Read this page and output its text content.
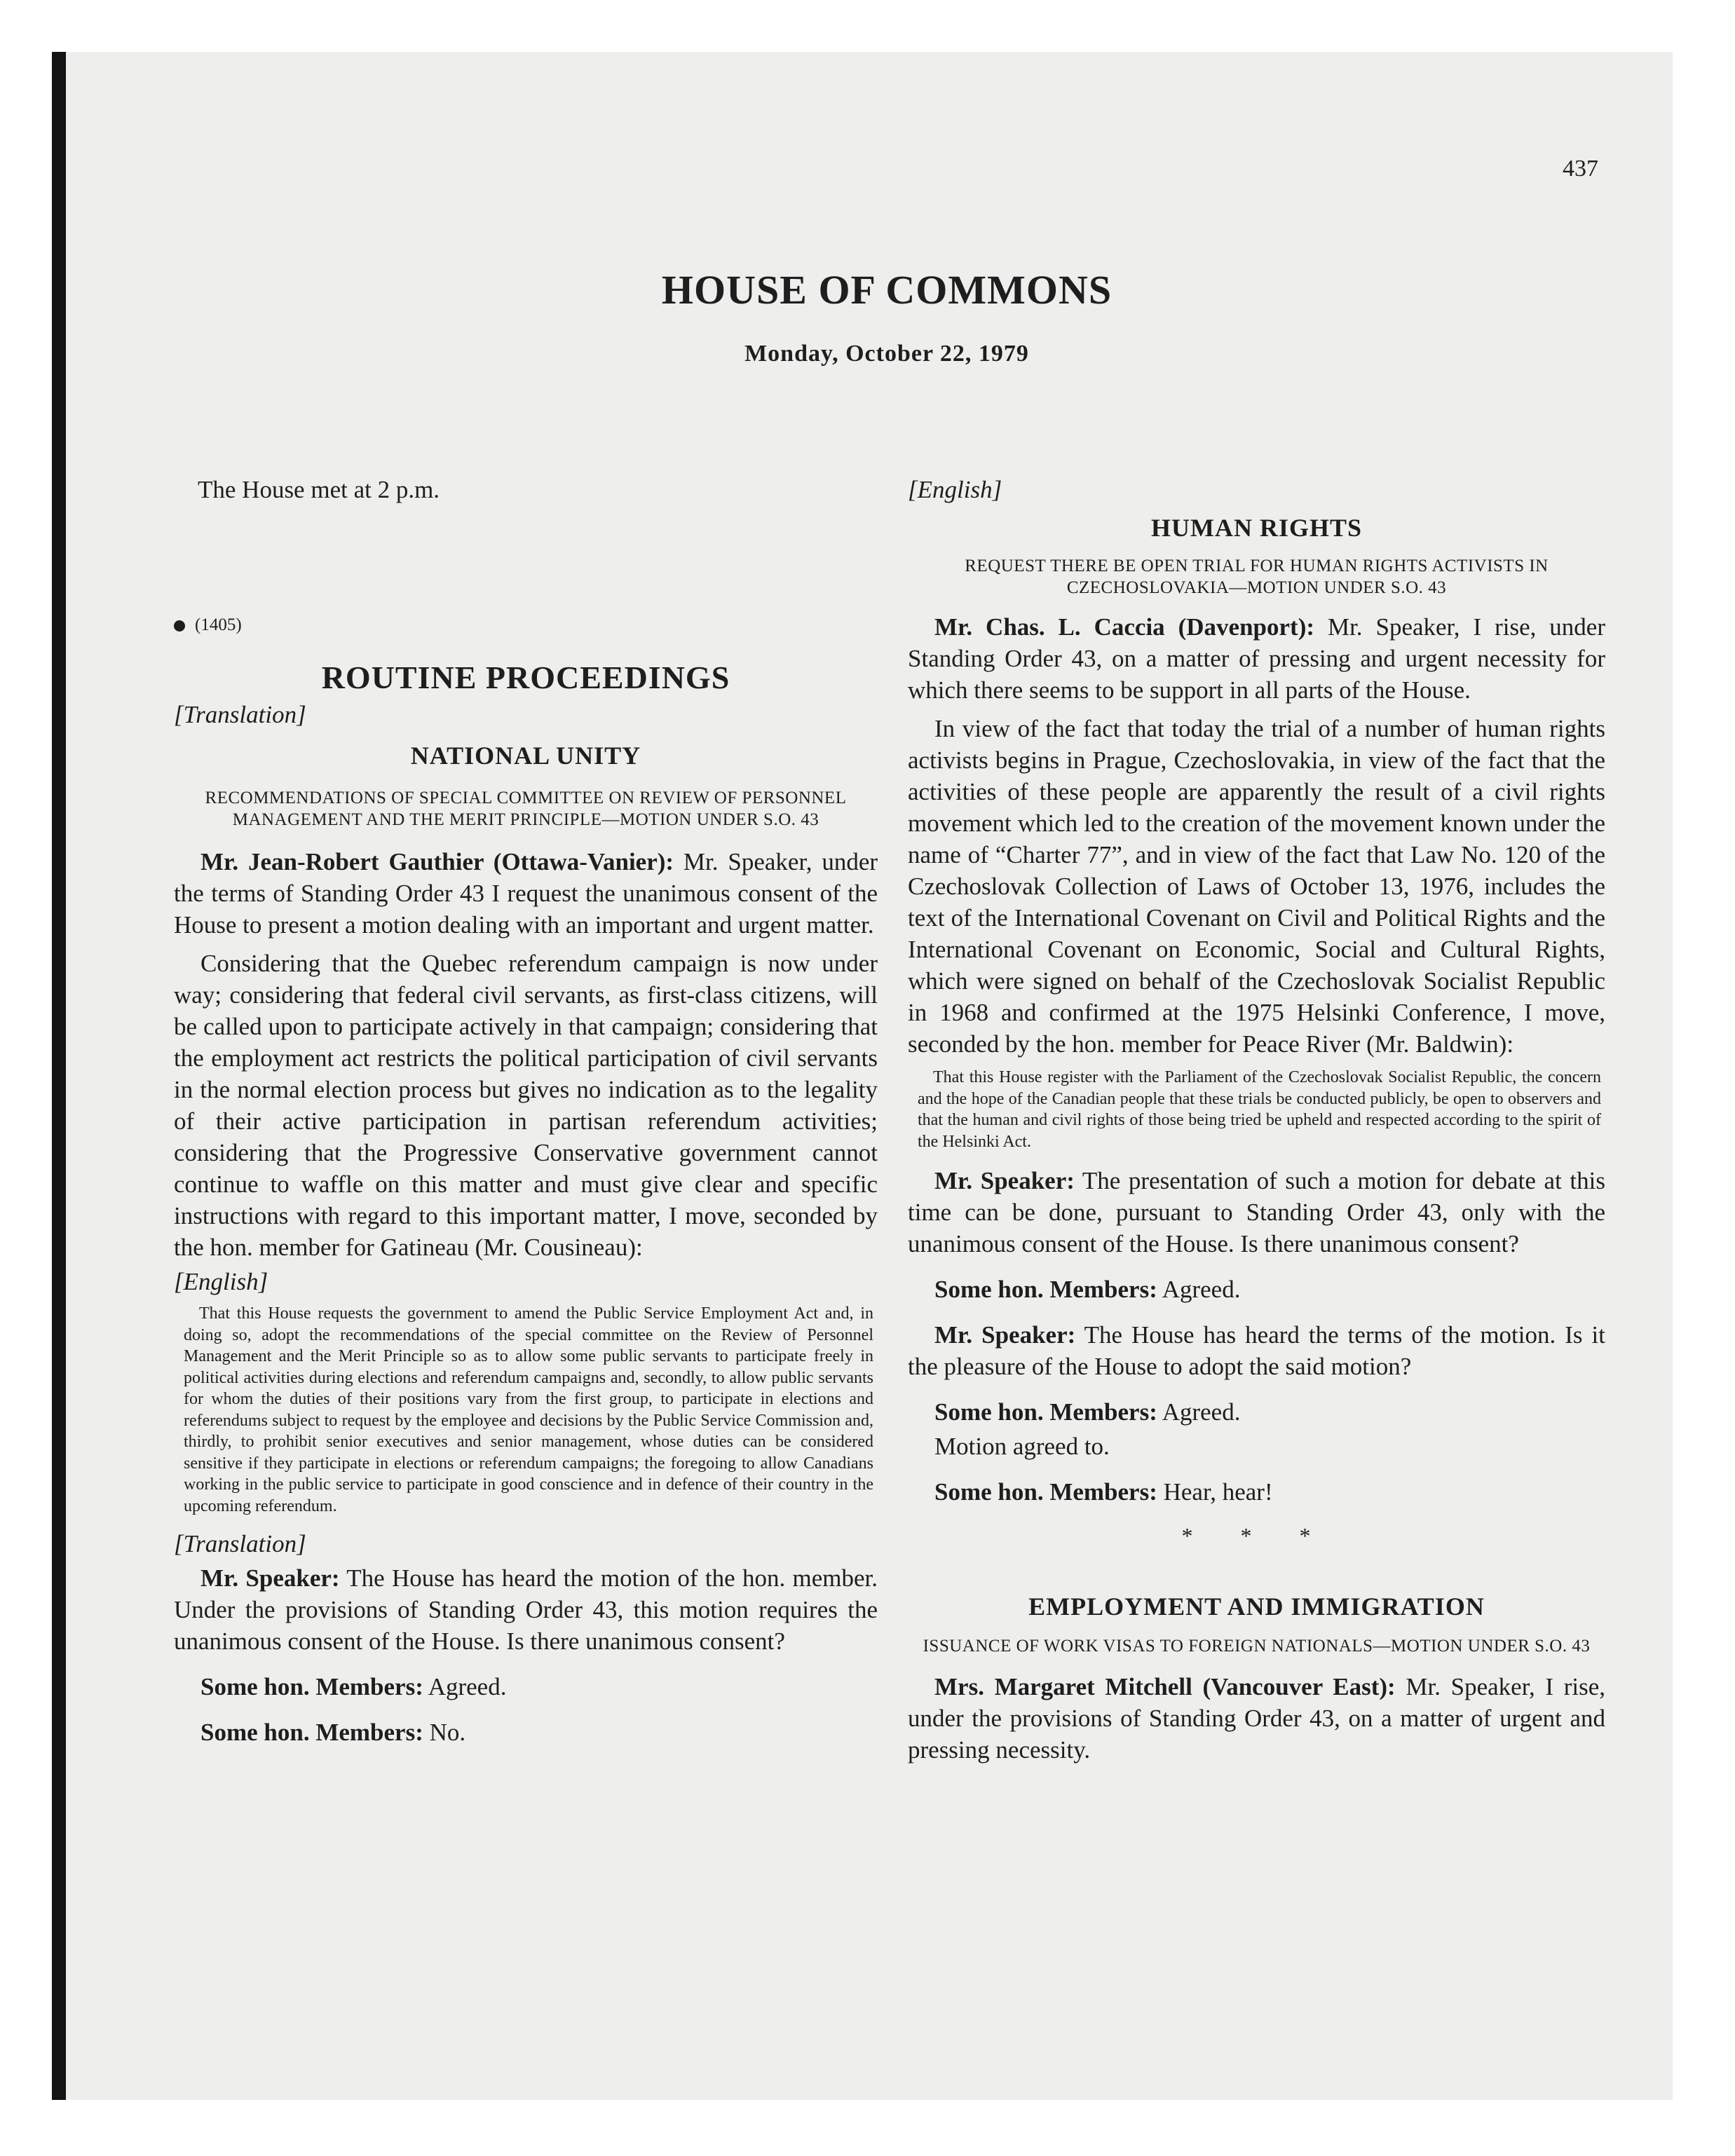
437
HOUSE OF COMMONS
Monday, October 22, 1979

The House met at 2 p.m.

(1405)

ROUTINE PROCEEDINGS

[Translation]

NATIONAL UNITY

RECOMMENDATIONS OF SPECIAL COMMITTEE ON REVIEW OF PERSONNEL MANAGEMENT AND THE MERIT PRINCIPLE—MOTION UNDER S.O. 43

Mr. Jean-Robert Gauthier (Ottawa-Vanier): Mr. Speaker, under the terms of Standing Order 43 I request the unanimous consent of the House to present a motion dealing with an important and urgent matter.

Considering that the Quebec referendum campaign is now under way; considering that federal civil servants, as first-class citizens, will be called upon to participate actively in that campaign; considering that the employment act restricts the political participation of civil servants in the normal election process but gives no indication as to the legality of their active participation in partisan referendum activities; considering that the Progressive Conservative government cannot continue to waffle on this matter and must give clear and specific instructions with regard to this important matter, I move, seconded by the hon. member for Gatineau (Mr. Cousineau):

[English]

That this House requests the government to amend the Public Service Employment Act and, in doing so, adopt the recommendations of the special committee on the Review of Personnel Management and the Merit Principle so as to allow some public servants to participate freely in political activities during elections and referendum campaigns and, secondly, to allow public servants for whom the duties of their positions vary from the first group, to participate in elections and referendums subject to request by the employee and decisions by the Public Service Commission and, thirdly, to prohibit senior executives and senior management, whose duties can be considered sensitive if they participate in elections or referendum campaigns; the foregoing to allow Canadians working in the public service to participate in good conscience and in defence of their country in the upcoming referendum.

[Translation]

Mr. Speaker: The House has heard the motion of the hon. member. Under the provisions of Standing Order 43, this motion requires the unanimous consent of the House. Is there unanimous consent?

Some hon. Members: Agreed.

Some hon. Members: No.

[English]

HUMAN RIGHTS

REQUEST THERE BE OPEN TRIAL FOR HUMAN RIGHTS ACTIVISTS IN CZECHOSLOVAKIA—MOTION UNDER S.O. 43

Mr. Chas. L. Caccia (Davenport): Mr. Speaker, I rise, under Standing Order 43, on a matter of pressing and urgent necessity for which there seems to be support in all parts of the House.

In view of the fact that today the trial of a number of human rights activists begins in Prague, Czechoslovakia, in view of the fact that the activities of these people are apparently the result of a civil rights movement which led to the creation of the movement known under the name of “Charter 77”, and in view of the fact that Law No. 120 of the Czechoslovak Collection of Laws of October 13, 1976, includes the text of the International Covenant on Civil and Political Rights and the International Covenant on Economic, Social and Cultural Rights, which were signed on behalf of the Czechoslovak Socialist Republic in 1968 and confirmed at the 1975 Helsinki Conference, I move, seconded by the hon. member for Peace River (Mr. Baldwin):

That this House register with the Parliament of the Czechoslovak Socialist Republic, the concern and the hope of the Canadian people that these trials be conducted publicly, be open to observers and that the human and civil rights of those being tried be upheld and respected according to the spirit of the Helsinki Act.

Mr. Speaker: The presentation of such a motion for debate at this time can be done, pursuant to Standing Order 43, only with the unanimous consent of the House. Is there unanimous consent?

Some hon. Members: Agreed.

Mr. Speaker: The House has heard the terms of the motion. Is it the pleasure of the House to adopt the said motion?

Some hon. Members: Agreed.

Motion agreed to.

Some hon. Members: Hear, hear!

* * *

EMPLOYMENT AND IMMIGRATION

ISSUANCE OF WORK VISAS TO FOREIGN NATIONALS—MOTION UNDER S.O. 43

Mrs. Margaret Mitchell (Vancouver East): Mr. Speaker, I rise, under the provisions of Standing Order 43, on a matter of urgent and pressing necessity.
